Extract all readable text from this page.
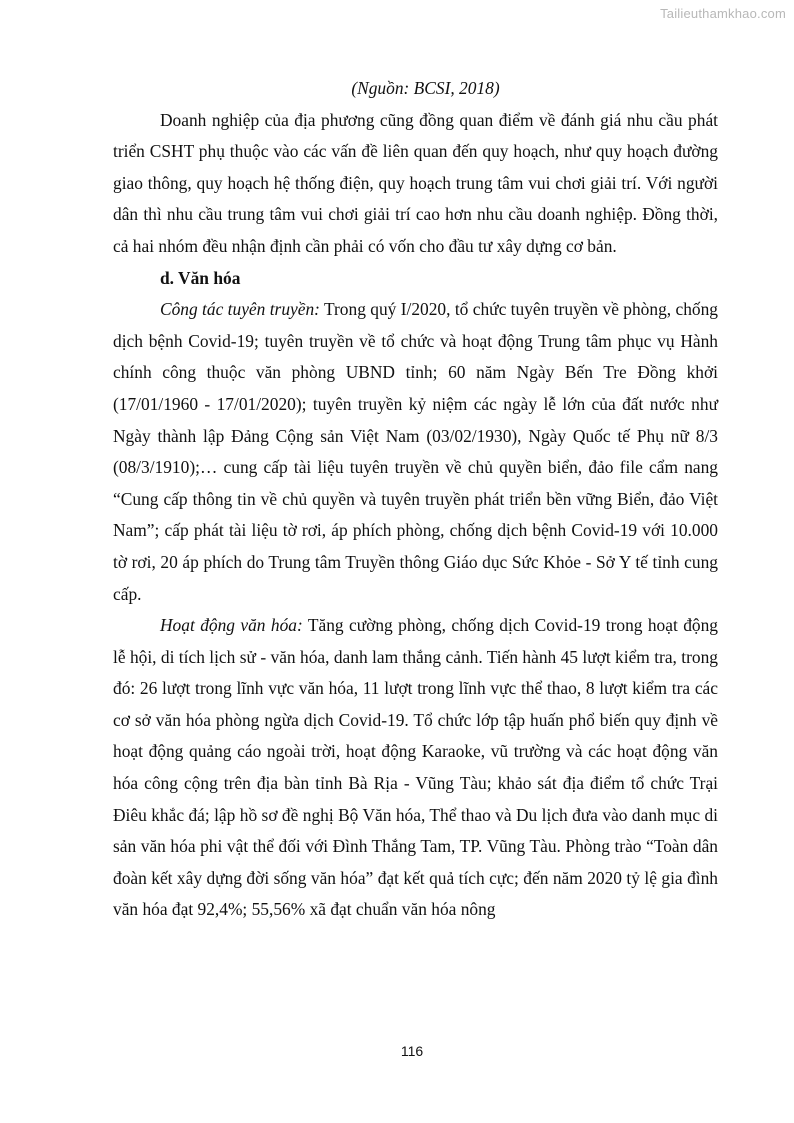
Tailieuthamkhao.com

(Nguồn: BCSI, 2018)

Doanh nghiệp của địa phương cũng đồng quan điểm về đánh giá nhu cầu phát triển CSHT phụ thuộc vào các vấn đề liên quan đến quy hoạch, như quy hoạch đường giao thông, quy hoạch hệ thống điện, quy hoạch trung tâm vui chơi giải trí. Với người dân thì nhu cầu trung tâm vui chơi giải trí cao hơn nhu cầu doanh nghiệp. Đồng thời, cả hai nhóm đều nhận định cần phải có vốn cho đầu tư xây dựng cơ bản.

d. Văn hóa

Công tác tuyên truyền: Trong quý I/2020, tổ chức tuyên truyền về phòng, chống dịch bệnh Covid-19; tuyên truyền về tổ chức và hoạt động Trung tâm phục vụ Hành chính công thuộc văn phòng UBND tỉnh; 60 năm Ngày Bến Tre Đồng khởi (17/01/1960 - 17/01/2020); tuyên truyền kỷ niệm các ngày lễ lớn của đất nước như Ngày thành lập Đảng Cộng sản Việt Nam (03/02/1930), Ngày Quốc tế Phụ nữ 8/3 (08/3/1910);… cung cấp tài liệu tuyên truyền về chủ quyền biển, đảo file cẩm nang “Cung cấp thông tin về chủ quyền và tuyên truyền phát triển bền vững Biển, đảo Việt Nam”; cấp phát tài liệu tờ rơi, áp phích phòng, chống dịch bệnh Covid-19 với 10.000 tờ rơi, 20 áp phích do Trung tâm Truyền thông Giáo dục Sức Khỏe - Sở Y tế tỉnh cung cấp.

Hoạt động văn hóa: Tăng cường phòng, chống dịch Covid-19 trong hoạt động lễ hội, di tích lịch sử - văn hóa, danh lam thắng cảnh. Tiến hành 45 lượt kiểm tra, trong đó: 26 lượt trong lĩnh vực văn hóa, 11 lượt trong lĩnh vực thể thao, 8 lượt kiểm tra các cơ sở văn hóa phòng ngừa dịch Covid-19. Tổ chức lớp tập huấn phổ biến quy định về hoạt động quảng cáo ngoài trời, hoạt động Karaoke, vũ trường và các hoạt động văn hóa công cộng trên địa bàn tỉnh Bà Rịa - Vũng Tàu; khảo sát địa điểm tổ chức Trại Điêu khắc đá; lập hồ sơ đề nghị Bộ Văn hóa, Thể thao và Du lịch đưa vào danh mục di sản văn hóa phi vật thể đối với Đình Thắng Tam, TP. Vũng Tàu. Phòng trào “Toàn dân đoàn kết xây dựng đời sống văn hóa” đạt kết quả tích cực; đến năm 2020 tỷ lệ gia đình văn hóa đạt 92,4%; 55,56% xã đạt chuẩn văn hóa nông

116
